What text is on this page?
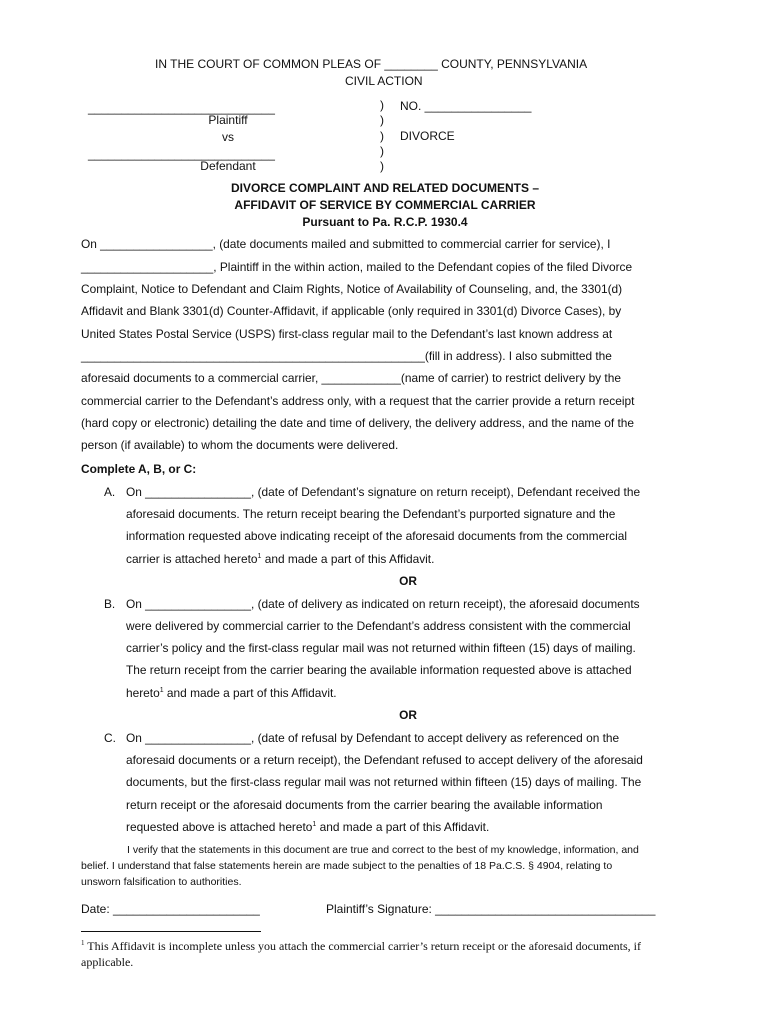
IN THE COURT OF COMMON PLEAS OF ________ COUNTY, PENNSYLVANIA
CIVIL ACTION
____________________________
Plaintiff
vs
____________________________
Defendant
)
)
)
)
)
NO. ________________
DIVORCE
DIVORCE COMPLAINT AND RELATED DOCUMENTS –
AFFIDAVIT OF SERVICE BY COMMERCIAL CARRIER
Pursuant to Pa. R.C.P. 1930.4
On _________________, (date documents mailed and submitted to commercial carrier for service), I
____________________, Plaintiff in the within action, mailed to the Defendant copies of the filed Divorce
Complaint, Notice to Defendant and Claim Rights, Notice of Availability of Counseling, and, the 3301(d)
Affidavit and Blank 3301(d) Counter-Affidavit, if applicable (only required in 3301(d) Divorce Cases), by
United States Postal Service (USPS) first-class regular mail to the Defendant’s last known address at
____________________________________________________(fill in address). I also submitted the
aforesaid documents to a commercial carrier, ____________(name of carrier) to restrict delivery by the
commercial carrier to the Defendant’s address only, with a request that the carrier provide a return receipt
(hard copy or electronic) detailing the date and time of delivery, the delivery address, and the name of the
person (if available) to whom the documents were delivered.
Complete A, B, or C:
A. On ________________, (date of Defendant’s signature on return receipt), Defendant received the
aforesaid documents. The return receipt bearing the Defendant’s purported signature and the
information requested above indicating receipt of the aforesaid documents from the commercial
carrier is attached hereto$^1$ and made a part of this Affidavit.
OR
B. On ________________, (date of delivery as indicated on return receipt), the aforesaid documents
were delivered by commercial carrier to the Defendant’s address consistent with the commercial
carrier’s policy and the first-class regular mail was not returned within fifteen (15) days of mailing.
The return receipt from the carrier bearing the available information requested above is attached
hereto$^1$ and made a part of this Affidavit.
OR
C. On ________________, (date of refusal by Defendant to accept delivery as referenced on the
aforesaid documents or a return receipt), the Defendant refused to accept delivery of the aforesaid
documents, but the first-class regular mail was not returned within fifteen (15) days of mailing. The
return receipt or the aforesaid documents from the carrier bearing the available information
requested above is attached hereto$^1$ and made a part of this Affidavit.
I verify that the statements in this document are true and correct to the best of my knowledge, information, and
belief. I understand that false statements herein are made subject to the penalties of 18 Pa.C.S. § 4904, relating to
unsworn falsification to authorities.
Date: ______________________	Plaintiff’s Signature: _________________________________
$^1$ This Affidavit is incomplete unless you attach the commercial carrier’s return receipt or the aforesaid documents, if
applicable.
